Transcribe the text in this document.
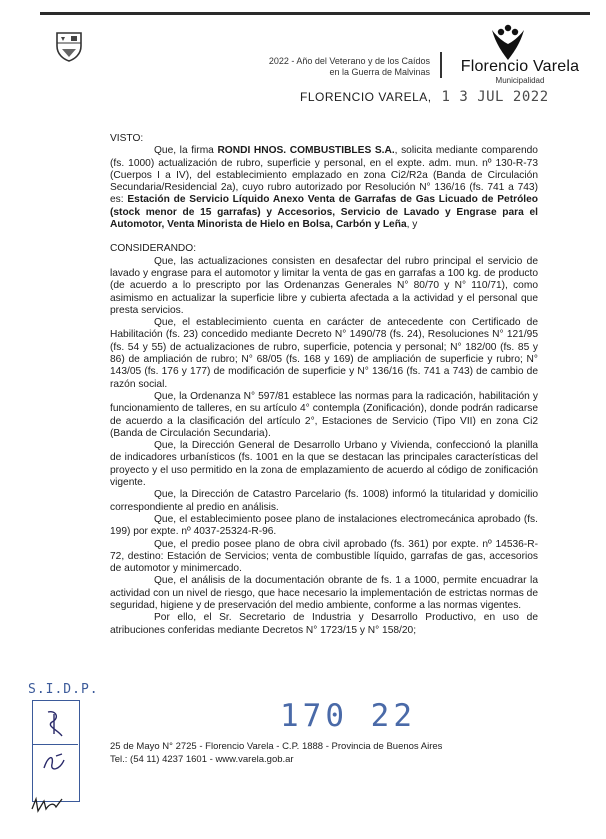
2022 - Año del Veterano y de los Caídos
en la Guerra de Malvinas	Florencio Varela
Municipalidad
FLORENCIO VARELA, 1 3 JUL 2022

VISTO:

Que, la firma RONDI HNOS. COMBUSTIBLES S.A., solicita mediante comparendo (fs. 1000) actualización de rubro, superficie y personal, en el expte. adm. mun. nº 130-R-73 (Cuerpos I a IV), del establecimiento emplazado en zona Ci2/R2a (Banda de Circulación Secundaria/Residencial 2a), cuyo rubro autorizado por Resolución N° 136/16 (fs. 741 a 743) es: Estación de Servicio Líquido Anexo Venta de Garrafas de Gas Licuado de Petróleo (stock menor de 15 garrafas) y Accesorios, Servicio de Lavado y Engrase para el Automotor, Venta Minorista de Hielo en Bolsa, Carbón y Leña, y

CONSIDERANDO:

Que, las actualizaciones consisten en desafectar del rubro principal el servicio de lavado y engrase para el automotor y limitar la venta de gas en garrafas a 100 kg. de producto (de acuerdo a lo prescripto por las Ordenanzas Generales N° 80/70 y N° 110/71), como asimismo en actualizar la superficie libre y cubierta afectada a la actividad y el personal que presta servicios.

Que, el establecimiento cuenta en carácter de antecedente con Certificado de Habilitación (fs. 23) concedido mediante Decreto N° 1490/78 (fs. 24), Resoluciones N° 121/95 (fs. 54 y 55) de actualizaciones de rubro, superficie, potencia y personal; N° 182/00 (fs. 85 y 86) de ampliación de rubro; N° 68/05 (fs. 168 y 169) de ampliación de superficie y rubro; N° 143/05 (fs. 176 y 177) de modificación de superficie y N° 136/16 (fs. 741 a 743) de cambio de razón social.

Que, la Ordenanza N° 597/81 establece las normas para la radicación, habilitación y funcionamiento de talleres, en su artículo 4° contempla (Zonificación), donde podrán radicarse de acuerdo a la clasificación del artículo 2°, Estaciones de Servicio (Tipo VII) en zona Ci2 (Banda de Circulación Secundaria).

Que, la Dirección General de Desarrollo Urbano y Vivienda, confeccionó la planilla de indicadores urbanísticos (fs. 1001 en la que se destacan las principales características del proyecto y el uso permitido en la zona de emplazamiento de acuerdo al código de zonificación vigente.

Que, la Dirección de Catastro Parcelario (fs. 1008) informó la titularidad y domicilio correspondiente al predio en análisis.

Que, el establecimiento posee plano de instalaciones electromecánica aprobado (fs. 199) por expte. nº 4037-25324-R-96.

Que, el predio posee plano de obra civil aprobado (fs. 361) por expte. nº 14536-R-72, destino: Estación de Servicios; venta de combustible líquido, garrafas de gas, accesorios de automotor y minimercado.

Que, el análisis de la documentación obrante de fs. 1 a 1000, permite encuadrar la actividad con un nivel de riesgo, que hace necesario la implementación de estrictas normas de seguridad, higiene y de preservación del medio ambiente, conforme a las normas vigentes.

Por ello, el Sr. Secretario de Industria y Desarrollo Productivo, en uso de atribuciones conferidas mediante Decretos N° 1723/15 y N° 158/20;

S.I.D.P.
170 22
25 de Mayo N° 2725 - Florencio Varela - C.P. 1888 - Provincia de Buenos Aires
Tel.: (54 11) 4237 1601 - www.varela.gob.ar
